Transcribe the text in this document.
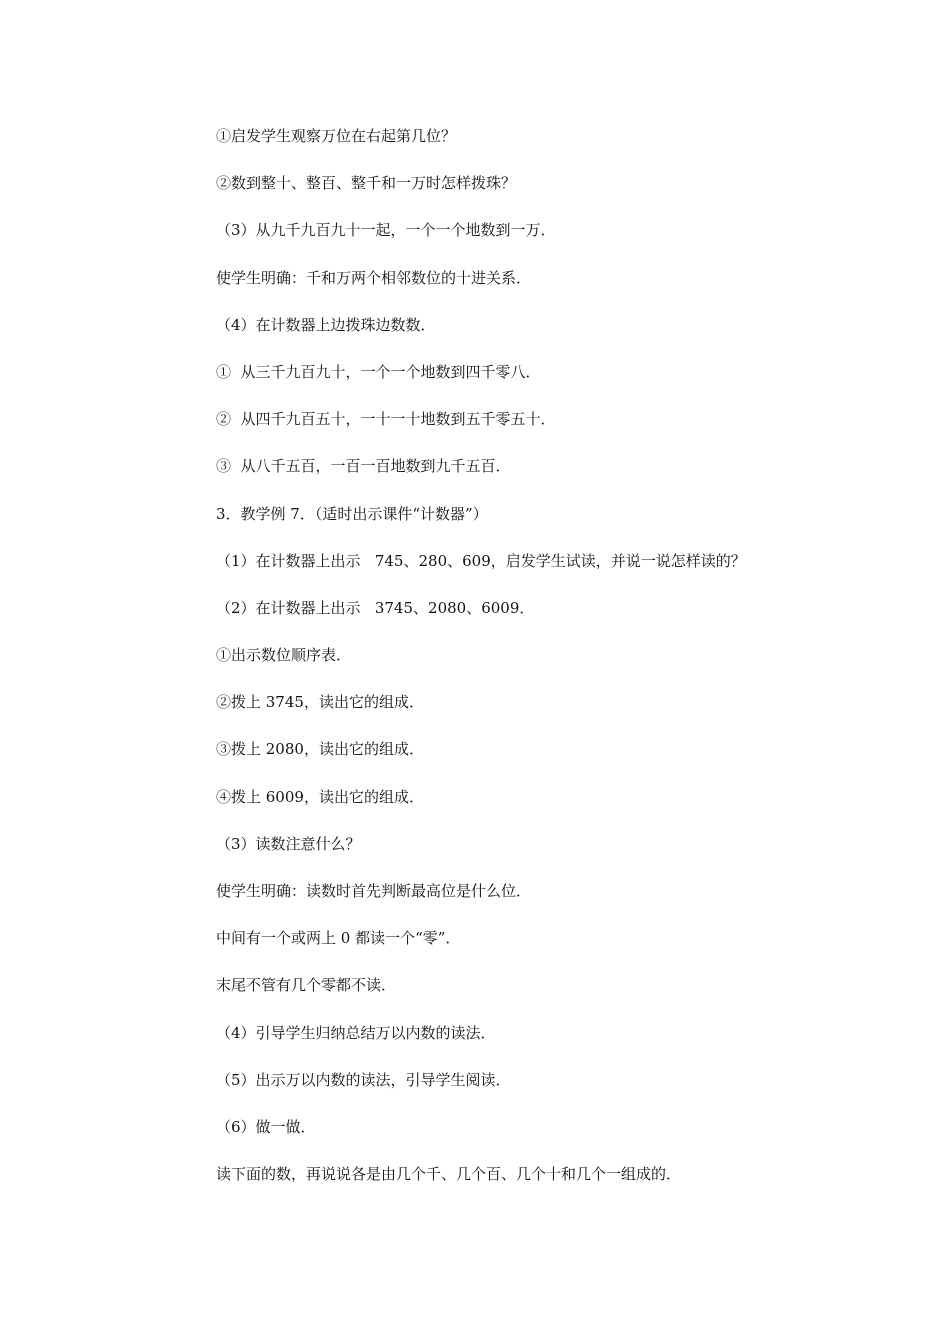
①启发学生观察万位在右起第几位？
②数到整十、整百、整千和一万时怎样拨珠？
（3）从九千九百九十一起，一个一个地数到一万．
使学生明确：千和万两个相邻数位的十进关系．
（4）在计数器上边拨珠边数数．
①  从三千九百九十，一个一个地数到四千零八．
②  从四千九百五十，一十一十地数到五千零五十．
③  从八千五百，一百一百地数到九千五百．
3．教学例 7．（适时出示课件“计数器”）
（1）在计数器上出示   745、280、609，启发学生试读，并说一说怎样读的？
（2）在计数器上出示   3745、2080、6009．
①出示数位顺序表．
②拨上 3745，读出它的组成．
③拨上 2080，读出它的组成．
④拨上 6009，读出它的组成．
（3）读数注意什么？
使学生明确：读数时首先判断最高位是什么位．
中间有一个或两上 0 都读一个“零”．
末尾不管有几个零都不读．
（4）引导学生归纳总结万以内数的读法．
（5）出示万以内数的读法，引导学生阅读．
（6）做一做．
读下面的数，再说说各是由几个千、几个百、几个十和几个一组成的．
